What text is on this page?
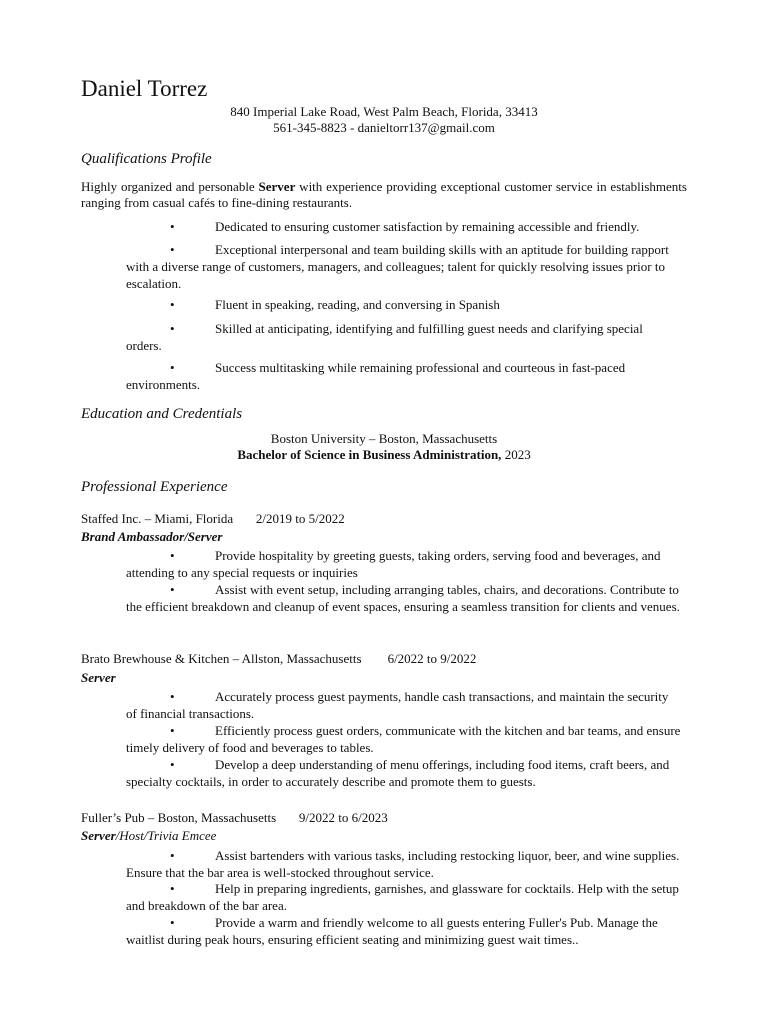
Daniel Torrez
840 Imperial Lake Road, West Palm Beach, Florida, 33413
561-345-8823 - danieltorr137@gmail.com
Qualifications Profile
Highly organized and personable Server with experience providing exceptional customer service in establishments ranging from casual cafés to fine-dining restaurants.
•	Dedicated to ensuring customer satisfaction by remaining accessible and friendly.
•	Exceptional interpersonal and team building skills with an aptitude for building rapport
with a diverse range of customers, managers, and colleagues; talent for quickly resolving issues prior to escalation.
•	Fluent in speaking, reading, and conversing in Spanish
•	Skilled at anticipating, identifying and fulfilling guest needs and clarifying special
orders.
•	Success multitasking while remaining professional and courteous in fast-paced
environments.
Education and Credentials
Boston University – Boston, Massachusetts
Bachelor of Science in Business Administration, 2023
Professional Experience
Staffed Inc. – Miami, Florida 2/2019 to 5/2022
Brand Ambassador/Server
•	Provide hospitality by greeting guests, taking orders, serving food and beverages, and
attending to any special requests or inquiries
•	Assist with event setup, including arranging tables, chairs, and decorations. Contribute to
the efficient breakdown and cleanup of event spaces, ensuring a seamless transition for clients and venues.
Brato Brewhouse & Kitchen – Allston, Massachusetts 6/2022 to 9/2022
Server
•	Accurately process guest payments, handle cash transactions, and maintain the security
of financial transactions.
•	Efficiently process guest orders, communicate with the kitchen and bar teams, and ensure
timely delivery of food and beverages to tables.
•	Develop a deep understanding of menu offerings, including food items, craft beers, and
specialty cocktails, in order to accurately describe and promote them to guests.
Fuller’s Pub – Boston, Massachusetts 9/2022 to 6/2023
Server/Host/Trivia Emcee
•	Assist bartenders with various tasks, including restocking liquor, beer, and wine supplies.
Ensure that the bar area is well-stocked throughout service.
•	Help in preparing ingredients, garnishes, and glassware for cocktails. Help with the setup
and breakdown of the bar area.
•	Provide a warm and friendly welcome to all guests entering Fuller's Pub. Manage the
waitlist during peak hours, ensuring efficient seating and minimizing guest wait times..
